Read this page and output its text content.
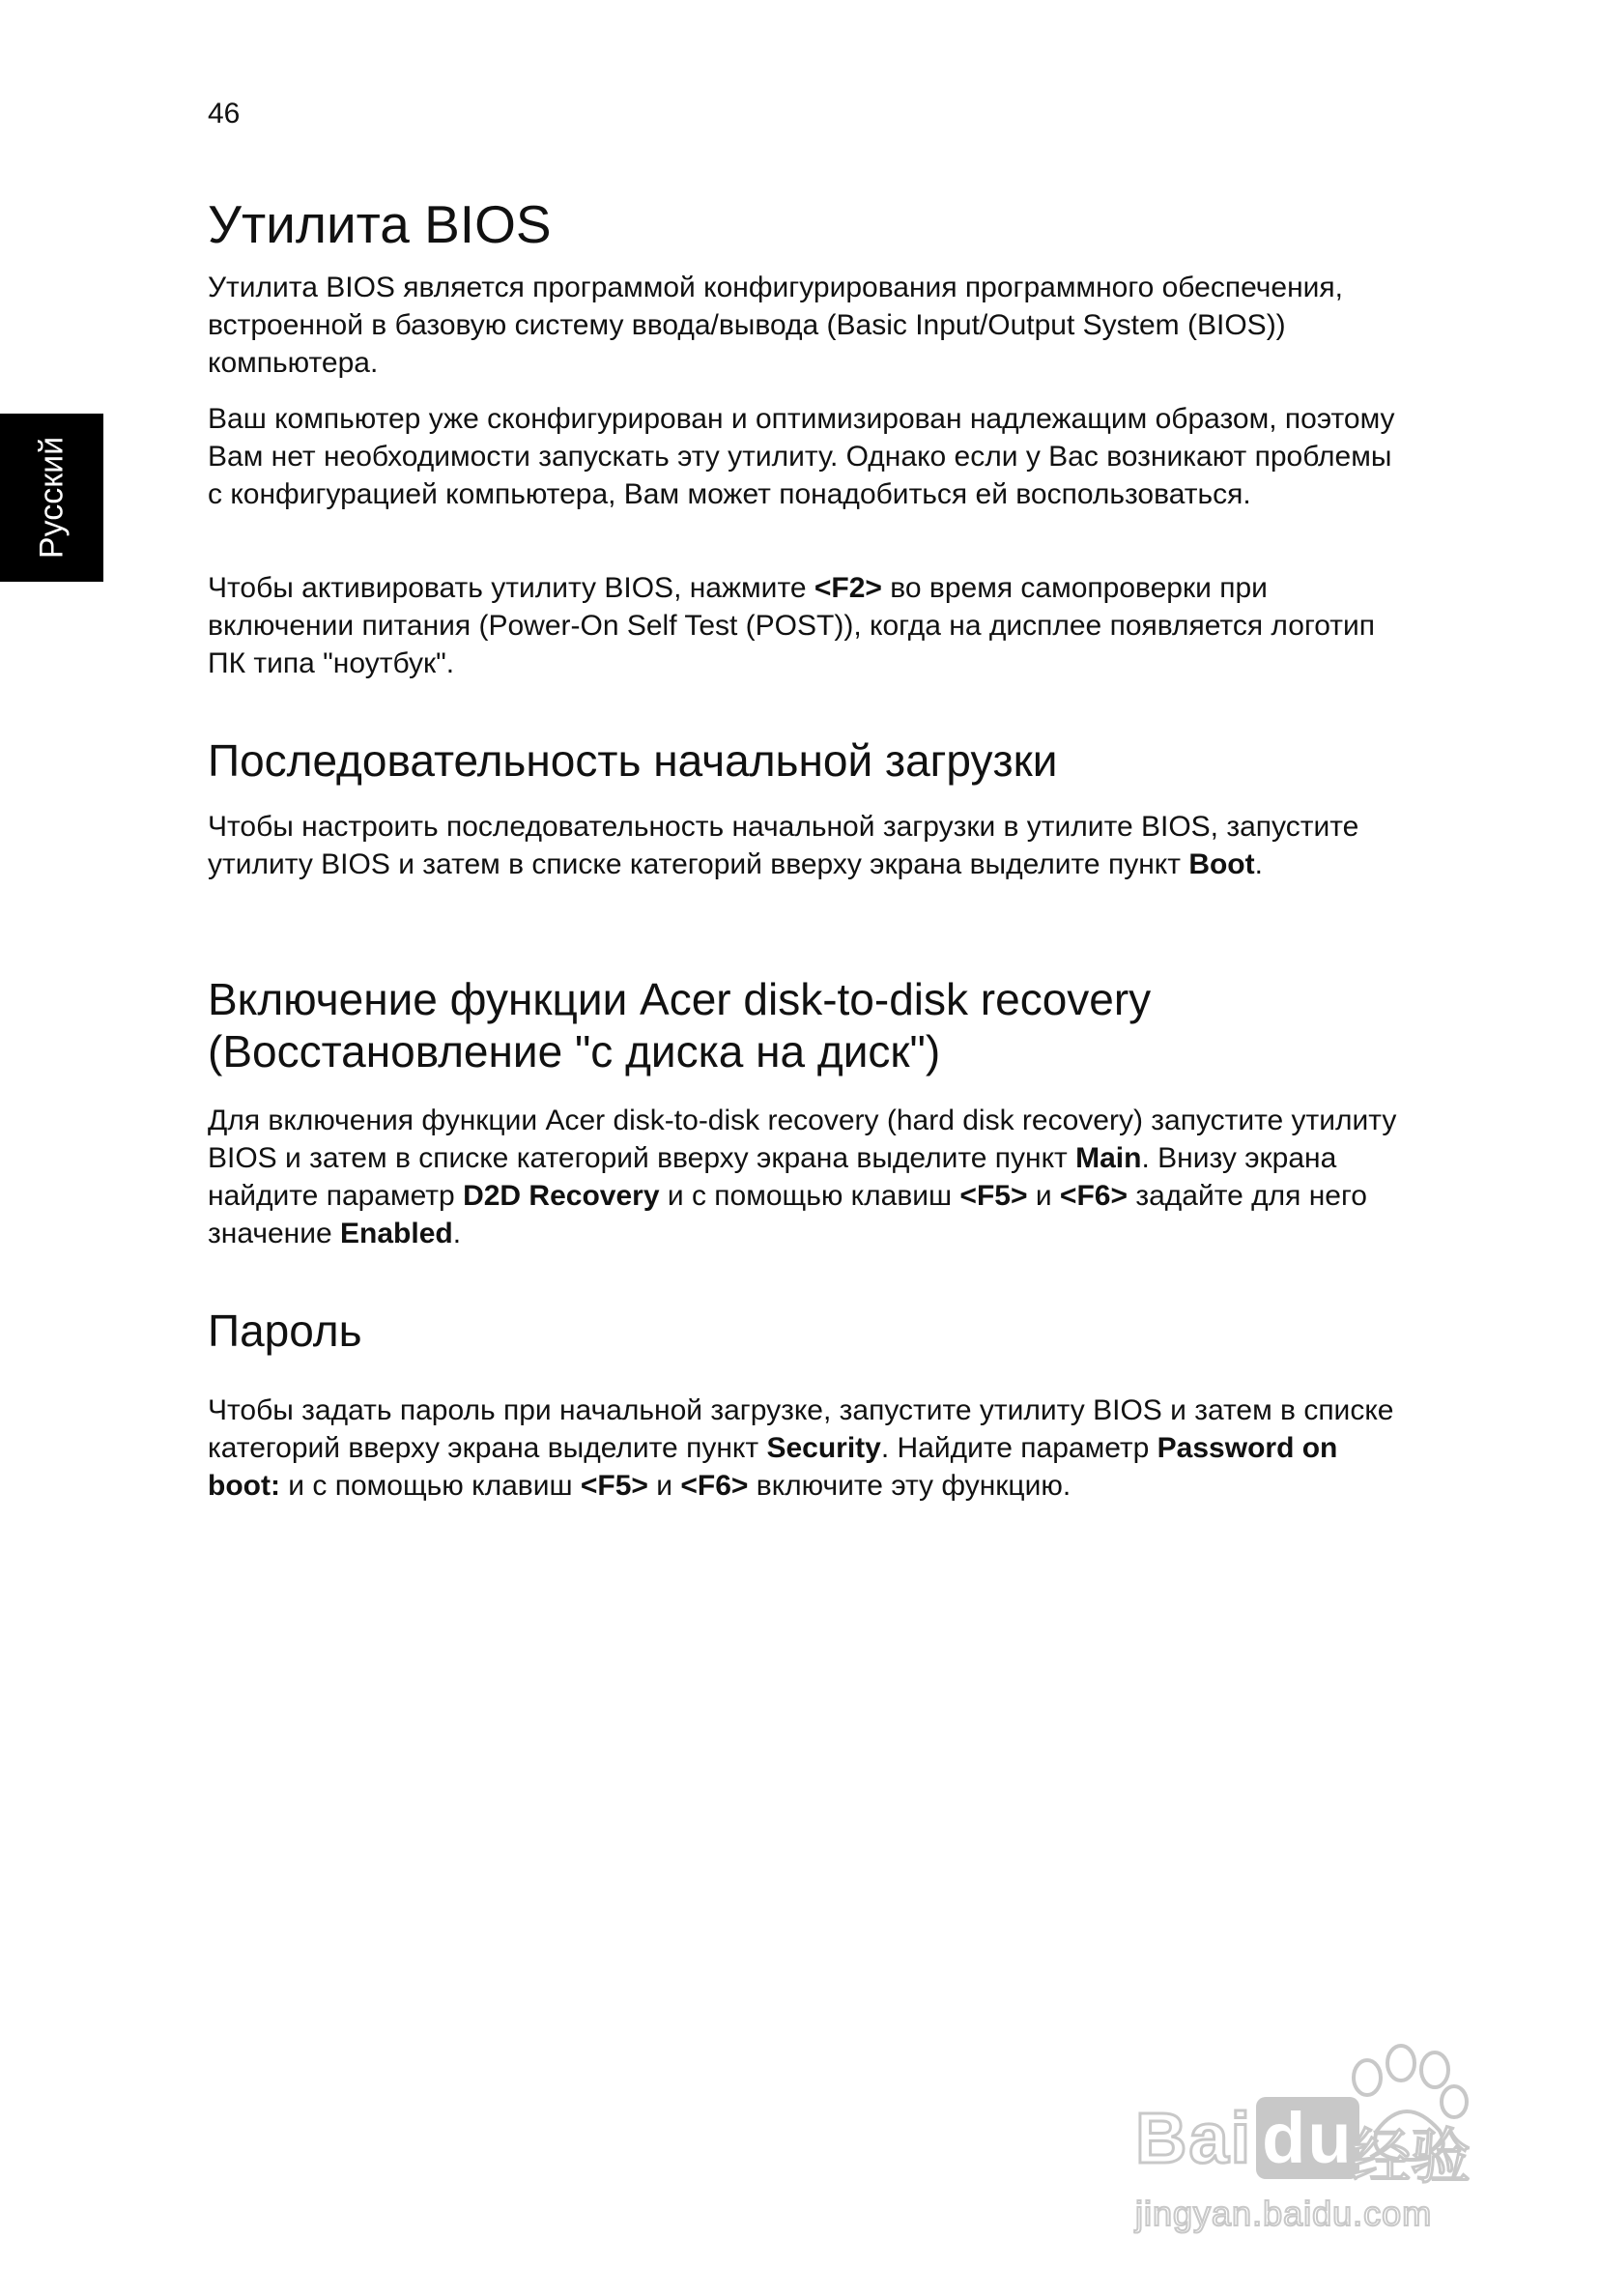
46
Русский
Утилита BIOS

Утилита BIOS является программой конфигурирования программного обеспечения, встроенной в базовую систему ввода/вывода (Basic Input/Output System (BIOS)) компьютера.

Ваш компьютер уже сконфигурирован и оптимизирован надлежащим образом, поэтому Вам нет необходимости запускать эту утилиту. Однако если у Вас возникают проблемы с конфигурацией компьютера, Вам может понадобиться ей воспользоваться.

Чтобы активировать утилиту BIOS, нажмите <F2> во время самопроверки при включении питания (Power-On Self Test (POST)), когда на дисплее появляется логотип ПК типа "ноутбук".

Последовательность начальной загрузки

Чтобы настроить последовательность начальной загрузки в утилите BIOS, запустите утилиту BIOS и затем в списке категорий вверху экрана выделите пункт Boot.

Включение функции Acer disk-to-disk recovery
(Восстановление "с диска на диск")

Для включения функции Acer disk-to-disk recovery (hard disk recovery) запустите утилиту BIOS и затем в списке категорий вверху экрана выделите пункт Main. Внизу экрана найдите параметр D2D Recovery и с помощью клавиш <F5> и <F6> задайте для него значение Enabled.

Пароль

Чтобы задать пароль при начальной загрузке, запустите утилиту BIOS и затем в списке категорий вверху экрана выделите пункт Security. Найдите параметр Password on boot: и с помощью клавиш <F5> и <F6> включите эту функцию.

Bai du
经验
jingyan.baidu.com
